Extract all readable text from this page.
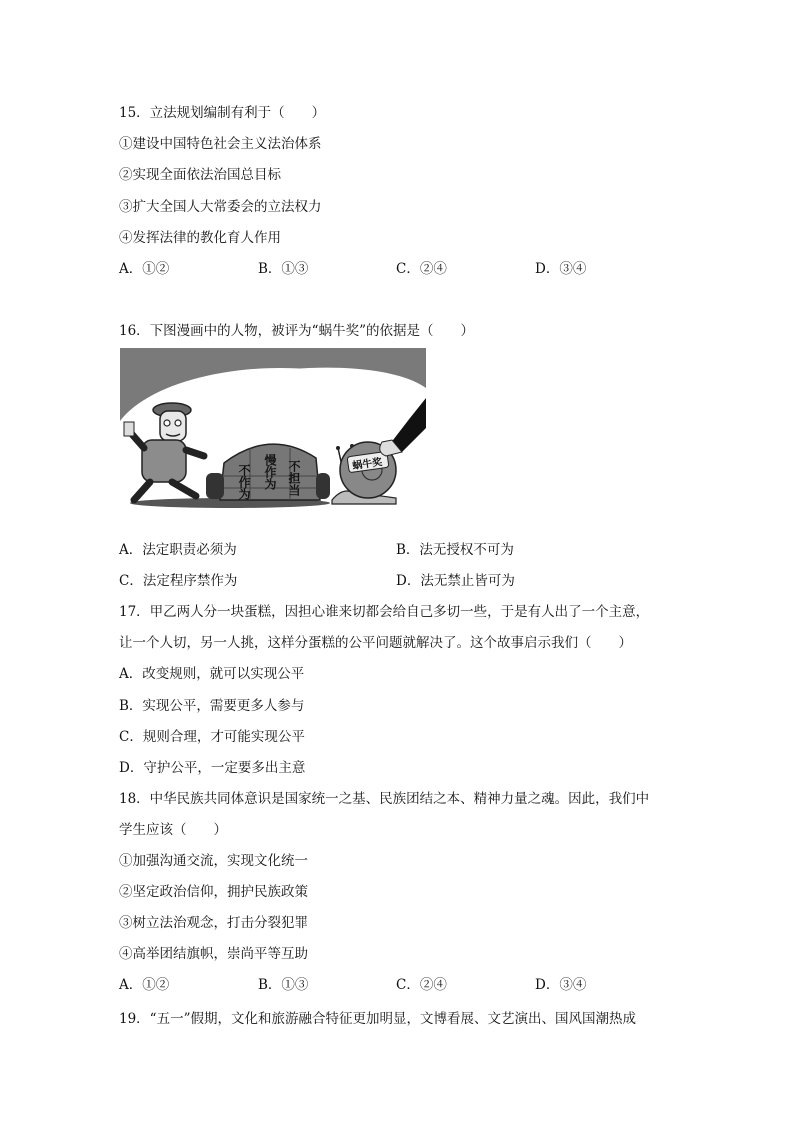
15．立法规划编制有利于（　　）
①建设中国特色社会主义法治体系
②实现全面依法治国总目标
③扩大全国人大常委会的立法权力
④发挥法律的教化育人作用
A．①②	B．①③	C．②④	D．③④
16．下图漫画中的人物，被评为“蜗牛奖”的依据是（　　）
不作为 慢作为 不担当	蜗牛奖
A．法定职责必须为	B．法无授权不可为
C．法定程序禁作为	D．法无禁止皆可为
17．甲乙两人分一块蛋糕，因担心谁来切都会给自己多切一些，于是有人出了一个主意，
让一个人切，另一人挑，这样分蛋糕的公平问题就解决了。这个故事启示我们（　　）
A．改变规则，就可以实现公平
B．实现公平，需要更多人参与
C．规则合理，才可能实现公平
D．守护公平，一定要多出主意
18．中华民族共同体意识是国家统一之基、民族团结之本、精神力量之魂。因此，我们中
学生应该（　　）
①加强沟通交流，实现文化统一
②坚定政治信仰，拥护民族政策
③树立法治观念，打击分裂犯罪
④高举团结旗帜，崇尚平等互助
A．①②	B．①③	C．②④	D．③④
19．“五一”假期，文化和旅游融合特征更加明显，文博看展、文艺演出、国风国潮热成
